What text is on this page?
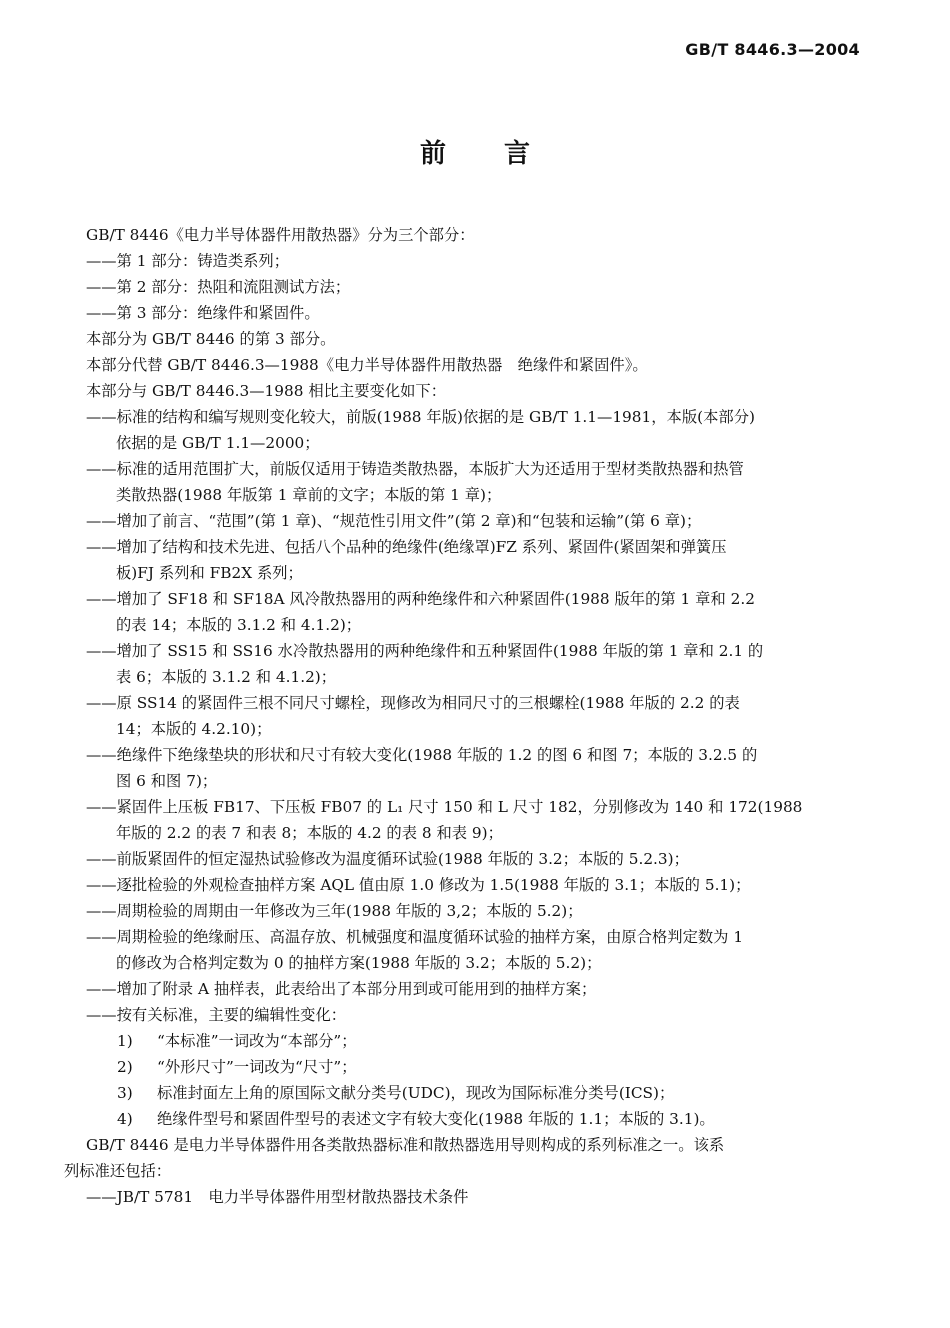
GB/T 8446.3—2004
前 言
GB/T 8446《电力半导体器件用散热器》分为三个部分：
——第 1 部分：铸造类系列；
——第 2 部分：热阻和流阻测试方法；
——第 3 部分：绝缘件和紧固件。
本部分为 GB/T 8446 的第 3 部分。
本部分代替 GB/T 8446.3—1988《电力半导体器件用散热器　绝缘件和紧固件》。
本部分与 GB/T 8446.3—1988 相比主要变化如下：
——标准的结构和编写规则变化较大，前版(1988 年版)依据的是 GB/T 1.1—1981，本版(本部分)
依据的是 GB/T 1.1—2000；
——标准的适用范围扩大，前版仅适用于铸造类散热器，本版扩大为还适用于型材类散热器和热管
类散热器(1988 年版第 1 章前的文字；本版的第 1 章)；
——增加了前言、“范围”(第 1 章)、“规范性引用文件”(第 2 章)和“包装和运输”(第 6 章)；
——增加了结构和技术先进、包括八个品种的绝缘件(绝缘罩)FZ 系列、紧固件(紧固架和弹簧压
板)FJ 系列和 FB2X 系列；
——增加了 SF18 和 SF18A 风冷散热器用的两种绝缘件和六种紧固件(1988 版年的第 1 章和 2.2
的表 14；本版的 3.1.2 和 4.1.2)；
——增加了 SS15 和 SS16 水冷散热器用的两种绝缘件和五种紧固件(1988 年版的第 1 章和 2.1 的
表 6；本版的 3.1.2 和 4.1.2)；
——原 SS14 的紧固件三根不同尺寸螺栓，现修改为相同尺寸的三根螺栓(1988 年版的 2.2 的表
14；本版的 4.2.10)；
——绝缘件下绝缘垫块的形状和尺寸有较大变化(1988 年版的 1.2 的图 6 和图 7；本版的 3.2.5 的
图 6 和图 7)；
——紧固件上压板 FB17、下压板 FB07 的 L₁ 尺寸 150 和 L 尺寸 182，分别修改为 140 和 172(1988
年版的 2.2 的表 7 和表 8；本版的 4.2 的表 8 和表 9)；
——前版紧固件的恒定湿热试验修改为温度循环试验(1988 年版的 3.2；本版的 5.2.3)；
——逐批检验的外观检查抽样方案 AQL 值由原 1.0 修改为 1.5(1988 年版的 3.1；本版的 5.1)；
——周期检验的周期由一年修改为三年(1988 年版的 3,2；本版的 5.2)；
——周期检验的绝缘耐压、高温存放、机械强度和温度循环试验的抽样方案，由原合格判定数为 1
的修改为合格判定数为 0 的抽样方案(1988 年版的 3.2；本版的 5.2)；
——增加了附录 A 抽样表，此表给出了本部分用到或可能用到的抽样方案；
——按有关标准，主要的编辑性变化：
1) “本标准”一词改为“本部分”；
2) “外形尺寸”一词改为“尺寸”；
3) 标准封面左上角的原国际文献分类号(UDC)，现改为国际标准分类号(ICS)；
4) 绝缘件型号和紧固件型号的表述文字有较大变化(1988 年版的 1.1；本版的 3.1)。
GB/T 8446 是电力半导体器件用各类散热器标准和散热器选用导则构成的系列标准之一。该系
列标准还包括：
——JB/T 5781　电力半导体器件用型材散热器技术条件
